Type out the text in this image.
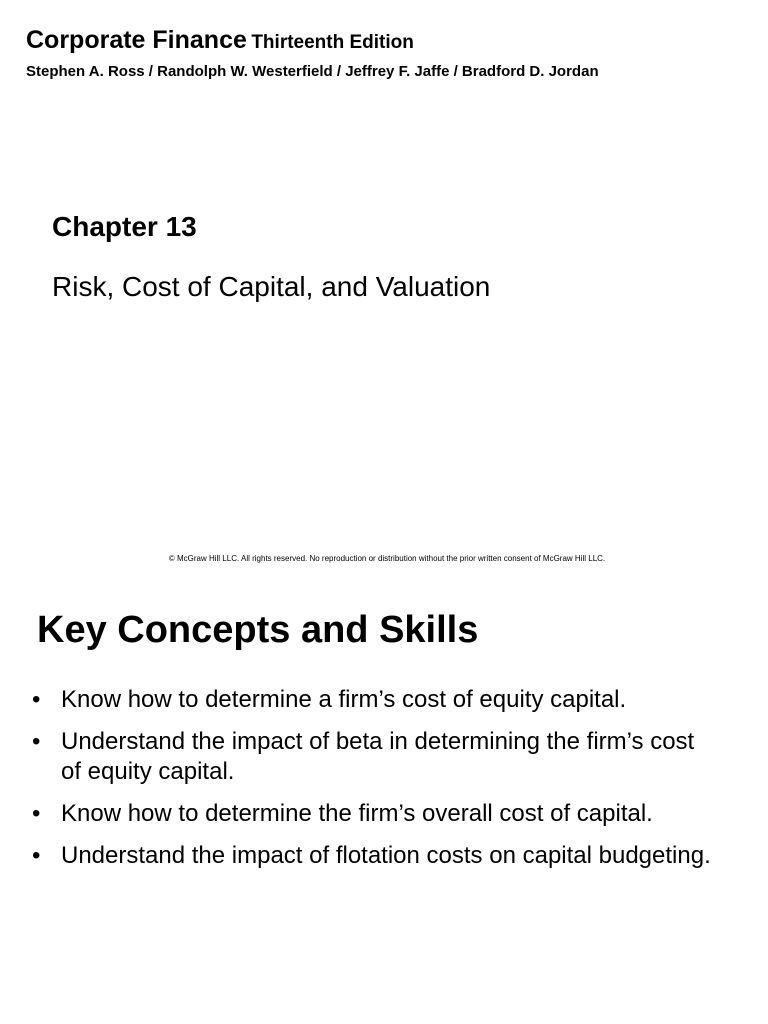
Corporate Finance Thirteenth Edition
Stephen A. Ross / Randolph W. Westerfield / Jeffrey F. Jaffe / Bradford D. Jordan
Chapter 13
Risk, Cost of Capital, and Valuation
© McGraw Hill LLC. All rights reserved. No reproduction or distribution without the prior written consent of McGraw Hill LLC.
Key Concepts and Skills
• Know how to determine a firm’s cost of equity capital.
• Understand the impact of beta in determining the firm’s cost of equity capital.
• Know how to determine the firm’s overall cost of capital.
• Understand the impact of flotation costs on capital budgeting.
